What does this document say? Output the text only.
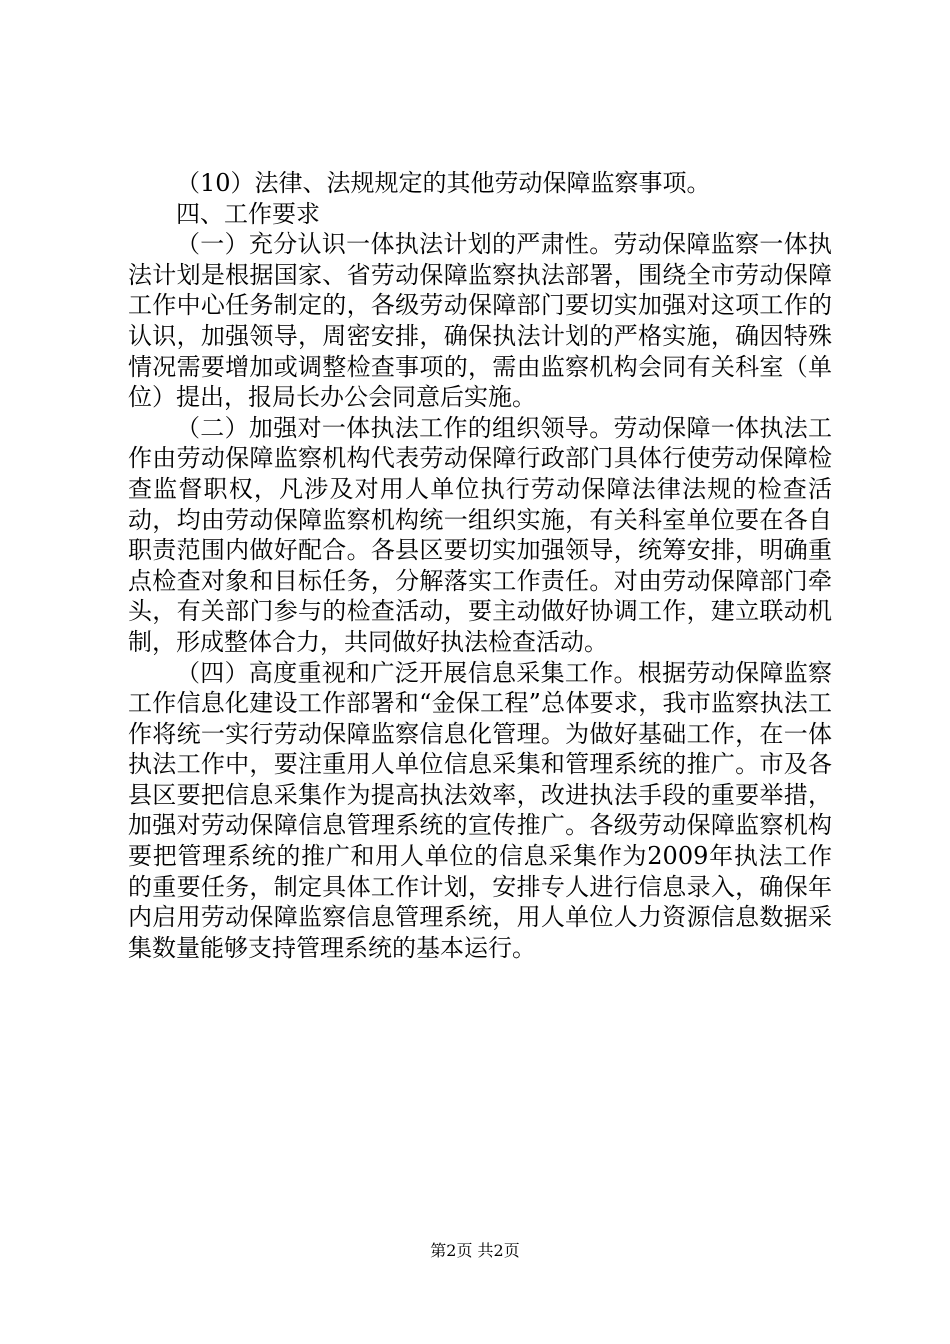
（10）法律、法规规定的其他劳动保障监察事项。

四、工作要求

（一）充分认识一体执法计划的严肃性。劳动保障监察一体执法计划是根据国家、省劳动保障监察执法部署，围绕全市劳动保障工作中心任务制定的，各级劳动保障部门要切实加强对这项工作的认识，加强领导，周密安排，确保执法计划的严格实施，确因特殊情况需要增加或调整检查事项的，需由监察机构会同有关科室（单位）提出，报局长办公会同意后实施。

（二）加强对一体执法工作的组织领导。劳动保障一体执法工作由劳动保障监察机构代表劳动保障行政部门具体行使劳动保障检查监督职权，凡涉及对用人单位执行劳动保障法律法规的检查活动，均由劳动保障监察机构统一组织实施，有关科室单位要在各自职责范围内做好配合。各县区要切实加强领导，统筹安排，明确重点检查对象和目标任务，分解落实工作责任。对由劳动保障部门牵头，有关部门参与的检查活动，要主动做好协调工作，建立联动机制，形成整体合力，共同做好执法检查活动。

（四）高度重视和广泛开展信息采集工作。根据劳动保障监察工作信息化建设工作部署和“金保工程”总体要求，我市监察执法工作将统一实行劳动保障监察信息化管理。为做好基础工作，在一体执法工作中，要注重用人单位信息采集和管理系统的推广。市及各县区要把信息采集作为提高执法效率，改进执法手段的重要举措，加强对劳动保障信息管理系统的宣传推广。各级劳动保障监察机构要把管理系统的推广和用人单位的信息采集作为2009年执法工作的重要任务，制定具体工作计划，安排专人进行信息录入，确保年内启用劳动保障监察信息管理系统，用人单位人力资源信息数据采集数量能够支持管理系统的基本运行。

第2页 共2页
